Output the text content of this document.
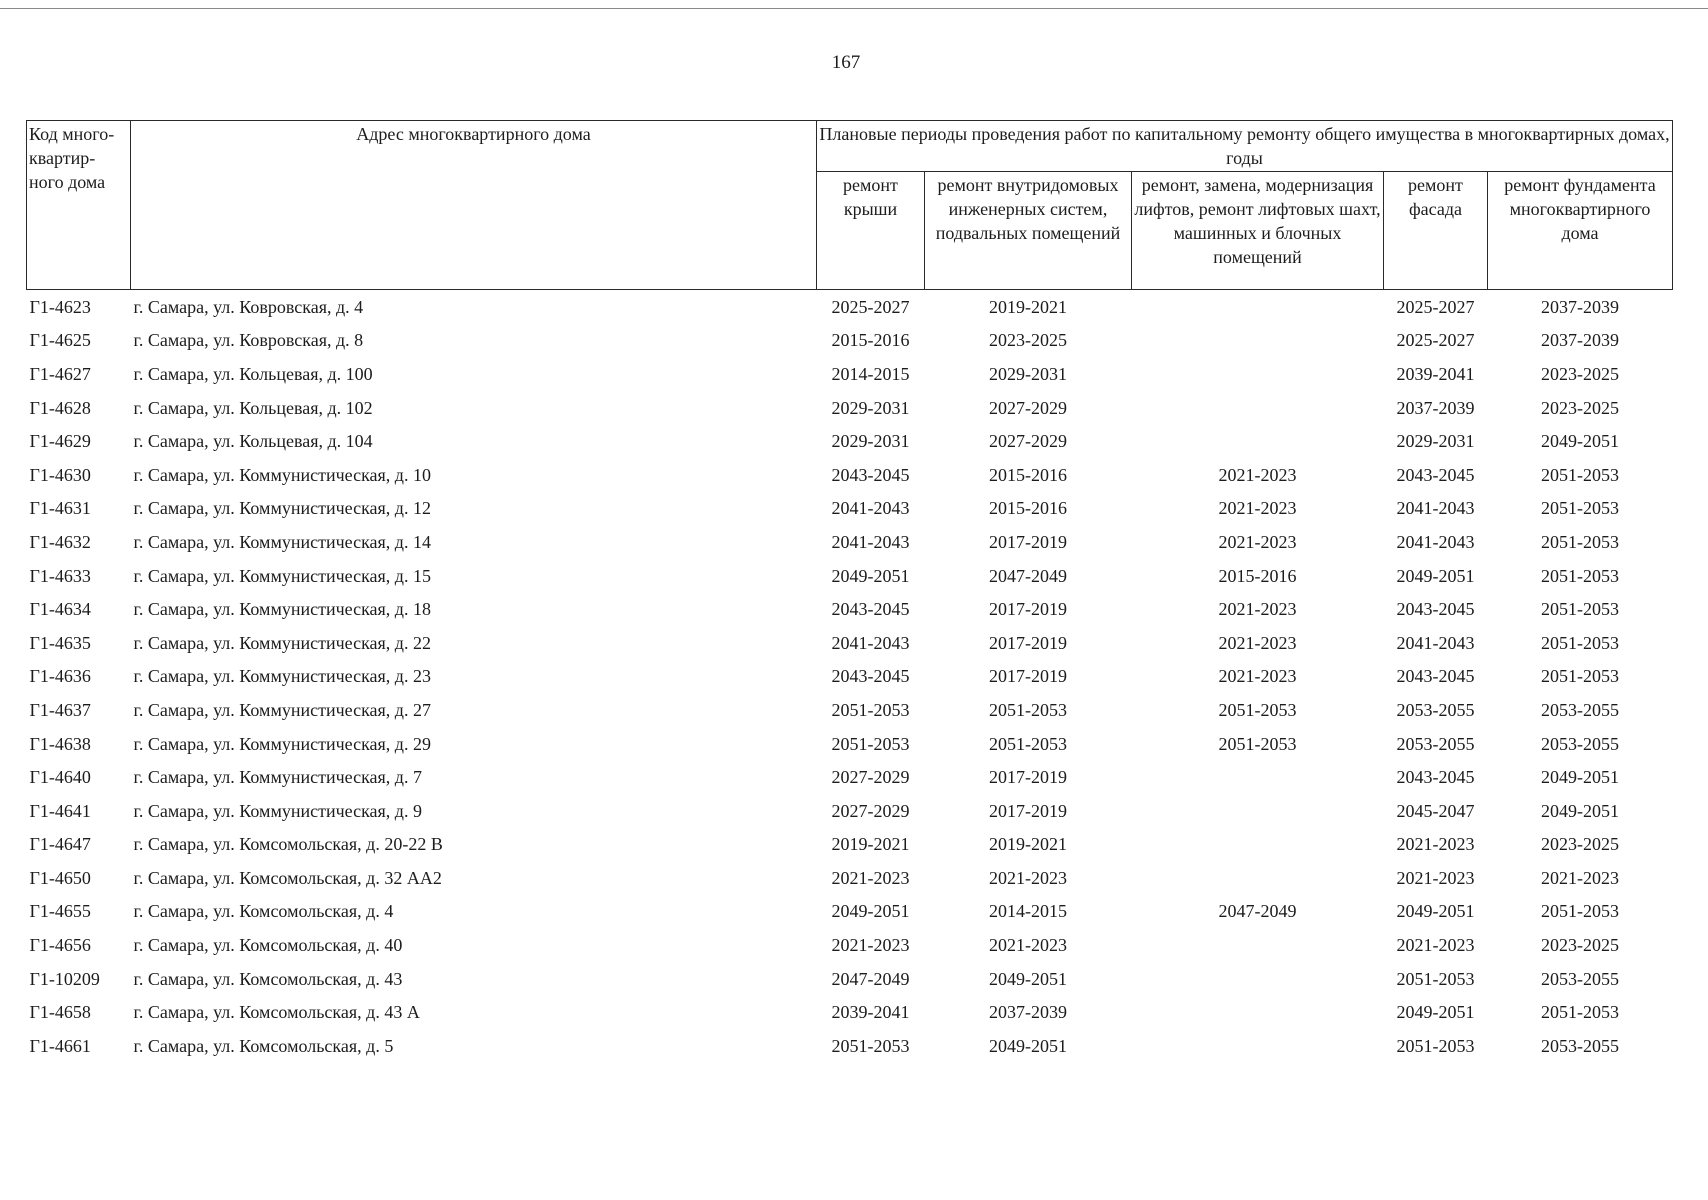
167
Код много-квартир-ного дома	Адрес многоквартирного дома	Плановые периоды проведения работ по капитальному ремонту общего имущества в многоквартирных домах, годы				
		ремонт крыши	ремонт внутридомовых инженерных систем, подвальных помещений	ремонт, замена, модернизация лифтов, ремонт лифтовых шахт, машинных и блочных помещений	ремонт фасада	ремонт фундамента многоквартирного дома
Г1-4623	г. Самара, ул. Ковровская, д. 4	2025-2027	2019-2021		2025-2027	2037-2039
Г1-4625	г. Самара, ул. Ковровская, д. 8	2015-2016	2023-2025		2025-2027	2037-2039
Г1-4627	г. Самара, ул. Кольцевая, д. 100	2014-2015	2029-2031		2039-2041	2023-2025
Г1-4628	г. Самара, ул. Кольцевая, д. 102	2029-2031	2027-2029		2037-2039	2023-2025
Г1-4629	г. Самара, ул. Кольцевая, д. 104	2029-2031	2027-2029		2029-2031	2049-2051
Г1-4630	г. Самара, ул. Коммунистическая, д. 10	2043-2045	2015-2016	2021-2023	2043-2045	2051-2053
Г1-4631	г. Самара, ул. Коммунистическая, д. 12	2041-2043	2015-2016	2021-2023	2041-2043	2051-2053
Г1-4632	г. Самара, ул. Коммунистическая, д. 14	2041-2043	2017-2019	2021-2023	2041-2043	2051-2053
Г1-4633	г. Самара, ул. Коммунистическая, д. 15	2049-2051	2047-2049	2015-2016	2049-2051	2051-2053
Г1-4634	г. Самара, ул. Коммунистическая, д. 18	2043-2045	2017-2019	2021-2023	2043-2045	2051-2053
Г1-4635	г. Самара, ул. Коммунистическая, д. 22	2041-2043	2017-2019	2021-2023	2041-2043	2051-2053
Г1-4636	г. Самара, ул. Коммунистическая, д. 23	2043-2045	2017-2019	2021-2023	2043-2045	2051-2053
Г1-4637	г. Самара, ул. Коммунистическая, д. 27	2051-2053	2051-2053	2051-2053	2053-2055	2053-2055
Г1-4638	г. Самара, ул. Коммунистическая, д. 29	2051-2053	2051-2053	2051-2053	2053-2055	2053-2055
Г1-4640	г. Самара, ул. Коммунистическая, д. 7	2027-2029	2017-2019		2043-2045	2049-2051
Г1-4641	г. Самара, ул. Коммунистическая, д. 9	2027-2029	2017-2019		2045-2047	2049-2051
Г1-4647	г. Самара, ул. Комсомольская, д. 20-22 В	2019-2021	2019-2021		2021-2023	2023-2025
Г1-4650	г. Самара, ул. Комсомольская, д. 32 АА2	2021-2023	2021-2023		2021-2023	2021-2023
Г1-4655	г. Самара, ул. Комсомольская, д. 4	2049-2051	2014-2015	2047-2049	2049-2051	2051-2053
Г1-4656	г. Самара, ул. Комсомольская, д. 40	2021-2023	2021-2023		2021-2023	2023-2025
Г1-10209	г. Самара, ул. Комсомольская, д. 43	2047-2049	2049-2051		2051-2053	2053-2055
Г1-4658	г. Самара, ул. Комсомольская, д. 43 А	2039-2041	2037-2039		2049-2051	2051-2053
Г1-4661	г. Самара, ул. Комсомольская, д. 5	2051-2053	2049-2051		2051-2053	2053-2055
